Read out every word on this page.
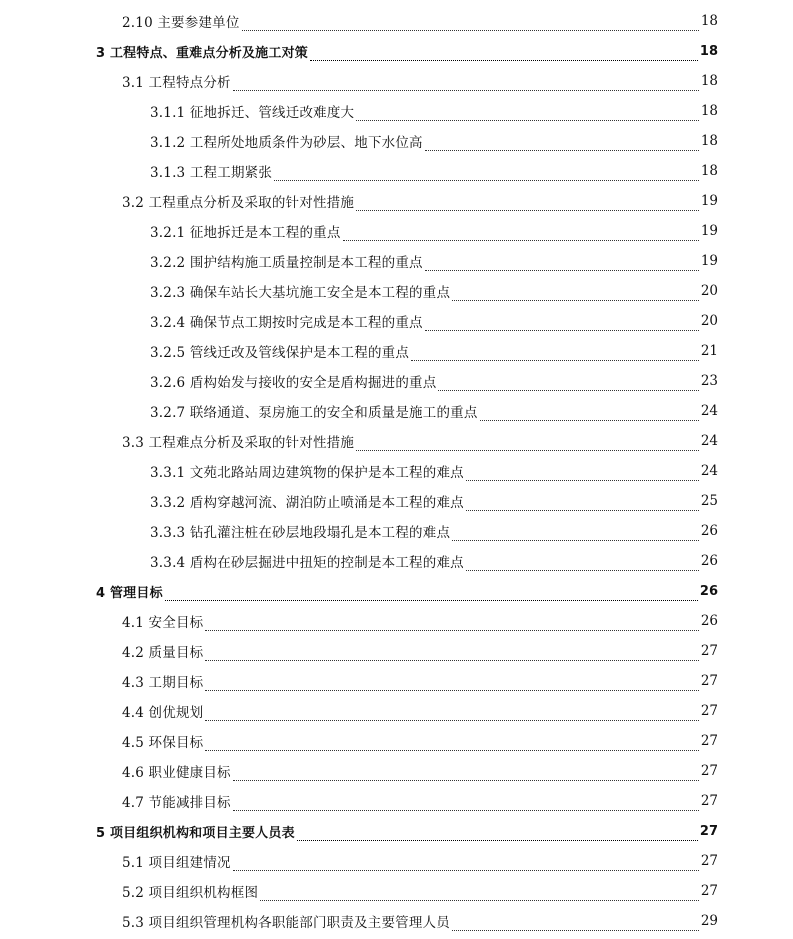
2.10 主要参建单位	18
3 工程特点、重难点分析及施工对策	18
3.1 工程特点分析	18
3.1.1 征地拆迁、管线迁改难度大	18
3.1.2 工程所处地质条件为砂层、地下水位高	18
3.1.3 工程工期紧张	18
3.2 工程重点分析及采取的针对性措施	19
3.2.1 征地拆迁是本工程的重点	19
3.2.2 围护结构施工质量控制是本工程的重点	19
3.2.3 确保车站长大基坑施工安全是本工程的重点	20
3.2.4 确保节点工期按时完成是本工程的重点	20
3.2.5 管线迁改及管线保护是本工程的重点	21
3.2.6 盾构始发与接收的安全是盾构掘进的重点	23
3.2.7 联络通道、泵房施工的安全和质量是施工的重点	24
3.3 工程难点分析及采取的针对性措施	24
3.3.1 文苑北路站周边建筑物的保护是本工程的难点	24
3.3.2 盾构穿越河流、湖泊防止喷涌是本工程的难点	25
3.3.3 钻孔灌注桩在砂层地段塌孔是本工程的难点	26
3.3.4 盾构在砂层掘进中扭矩的控制是本工程的难点	26
4 管理目标	26
4.1 安全目标	26
4.2 质量目标	27
4.3 工期目标	27
4.4 创优规划	27
4.5 环保目标	27
4.6 职业健康目标	27
4.7 节能减排目标	27
5 项目组织机构和项目主要人员表	27
5.1 项目组建情况	27
5.2 项目组织机构框图	27
5.3 项目组织管理机构各职能部门职责及主要管理人员	29
